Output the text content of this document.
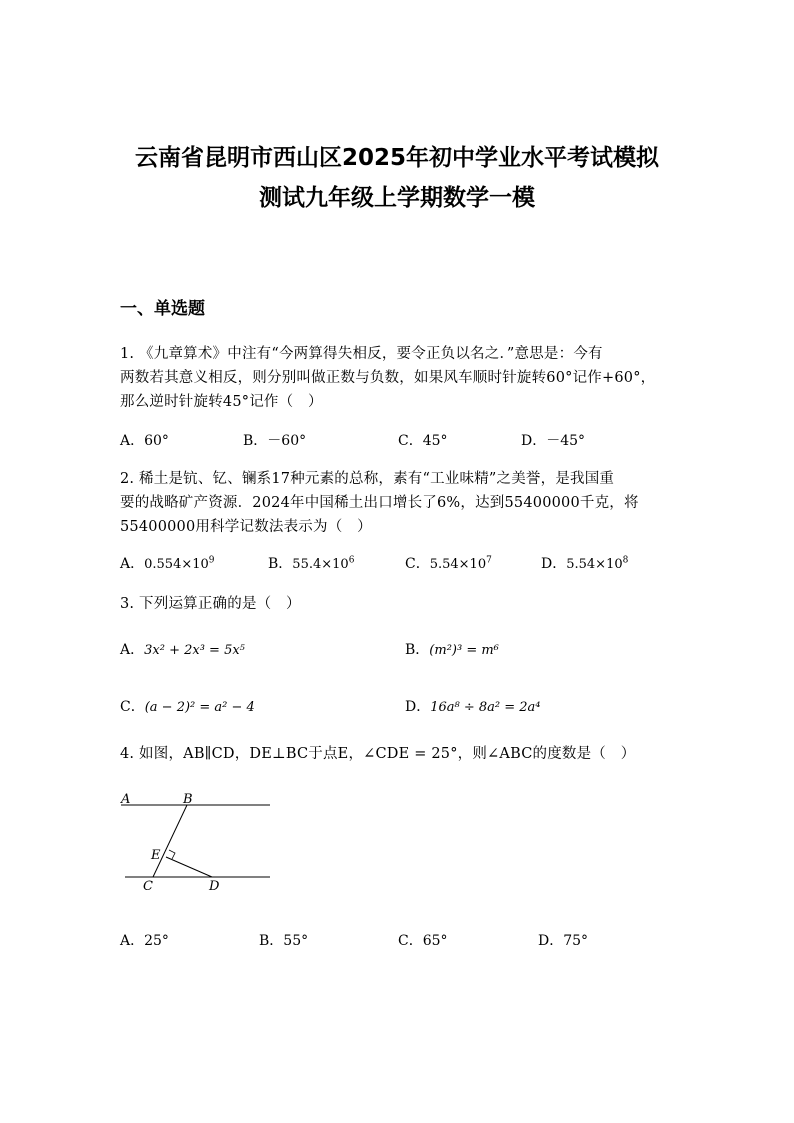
云南省昆明市西山区2025年初中学业水平考试模拟
测试九年级上学期数学一模
一、单选题
1. 《九章算术》中注有“今两算得失相反，要令正负以名之．”意思是：今有
两数若其意义相反，则分别叫做正数与负数，如果风车顺时针旋转60°记作+60°，
那么逆时针旋转45°记作（　）
A．60°	B．－60°	C．45°	D．－45°
2. 稀土是钪、钇、镧系17种元素的总称，素有“工业味精”之美誉，是我国重
要的战略矿产资源．2024年中国稀土出口增长了6%，达到55400000千克，将
55400000用科学记数法表示为（　）
A．$0.554\times 10^9$	B．$55.4\times 10^6$	C．$5.54\times 10^7$	D．$5.54\times 10^8$
3. 下列运算正确的是（　）
A．3x² + 2x³ = 5x⁵	B．(m²)³ = m⁶
C．(a − 2)² = a² − 4	D．16a⁸ ÷ 8a² = 2a⁴
4. 如图，AB∥CD，DE⊥BC于点E，∠CDE = 25°，则∠ABC的度数是（　）
A	B
E
C	D
A．25°	B．55°	C．65°	D．75°
